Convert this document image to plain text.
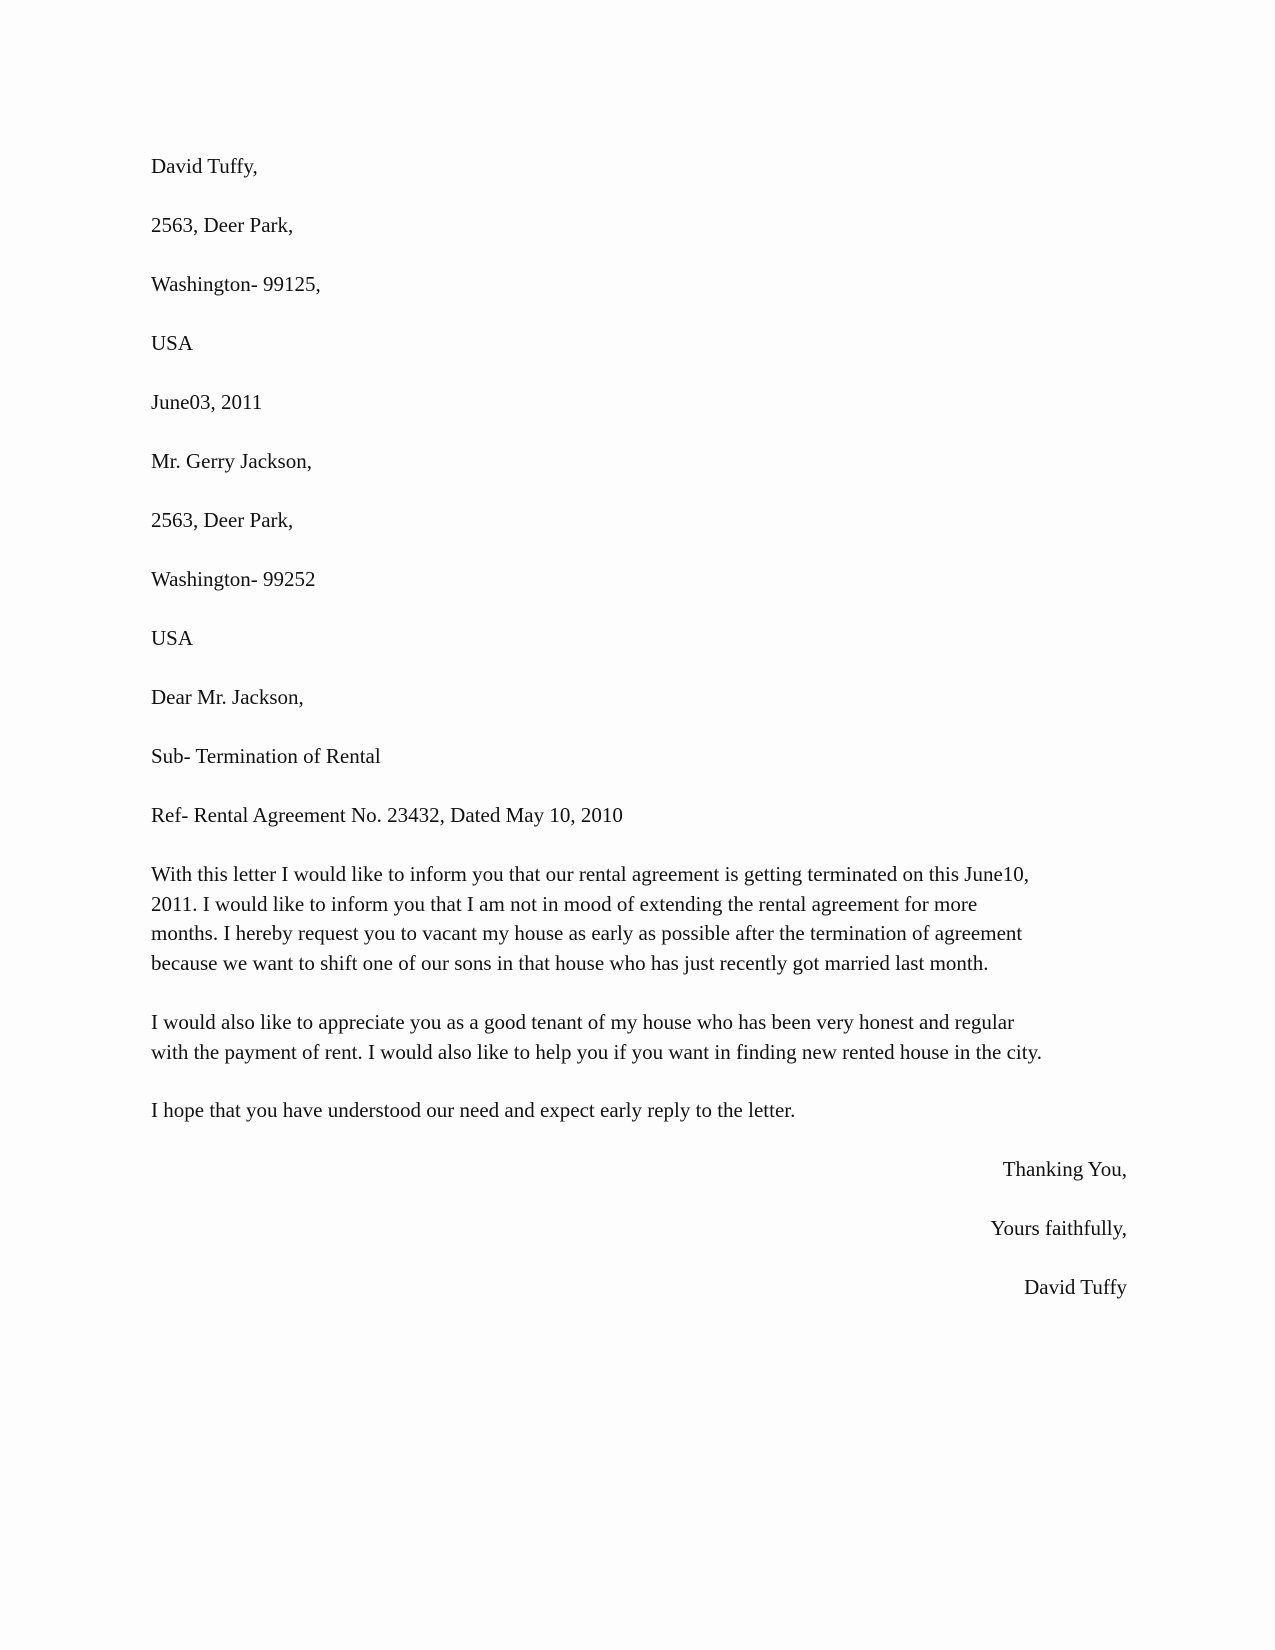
David Tuffy,

2563, Deer Park,

Washington- 99125,

USA

June03, 2011

Mr. Gerry Jackson,

2563, Deer Park,

Washington- 99252

USA

Dear Mr. Jackson,

Sub- Termination of Rental

Ref- Rental Agreement No. 23432, Dated May 10, 2010

With this letter I would like to inform you that our rental agreement is getting terminated on this June10,
2011. I would like to inform you that I am not in mood of extending the rental agreement for more
months. I hereby request you to vacant my house as early as possible after the termination of agreement
because we want to shift one of our sons in that house who has just recently got married last month.
I would also like to appreciate you as a good tenant of my house who has been very honest and regular
with the payment of rent. I would also like to help you if you want in finding new rented house in the city.
I hope that you have understood our need and expect early reply to the letter.

Thanking You,

Yours faithfully,

David Tuffy
